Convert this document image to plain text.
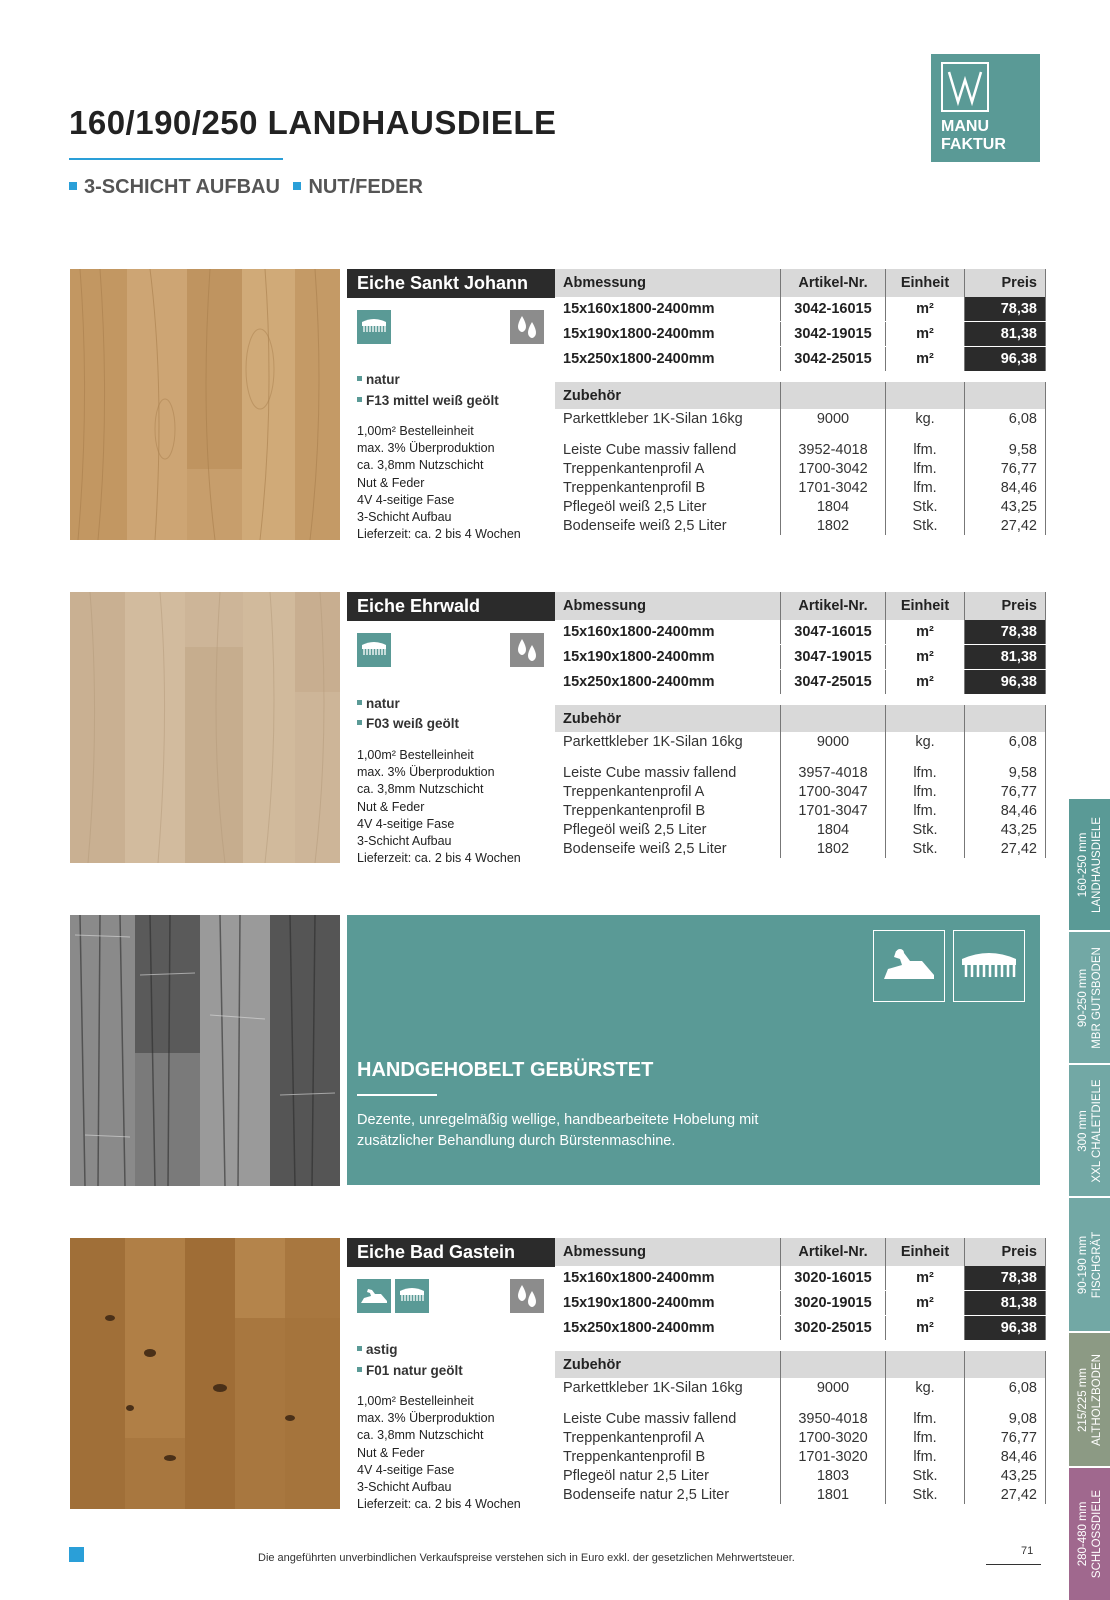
160/190/250 LANDHAUSDIELE
3-SCHICHT AUFBAU NUT/FEDER
MANU
FAKTUR
Eiche Sankt Johann
natur
F13 mittel weiß geölt
1,00m² Bestelleinheit
max. 3% Überproduktion
ca. 3,8mm Nutzschicht
Nut & Feder
4V 4-seitige Fase
3-Schicht Aufbau
Lieferzeit: ca. 2 bis 4 Wochen
Abmessung	Artikel-Nr.	Einheit	Preis
15x160x1800-2400mm	3042-16015	m²	78,38
15x190x1800-2400mm	3042-19015	m²	81,38
15x250x1800-2400mm	3042-25015	m²	96,38

Zubehör			
Parkettkleber 1K-Silan 16kg	9000	kg.	6,08
Leiste Cube massiv fallend	3952-4018	lfm.	9,58
Treppenkantenprofil A	1700-3042	lfm.	76,77
Treppenkantenprofil B	1701-3042	lfm.	84,46
Pflegeöl weiß 2,5 Liter	1804	Stk.	43,25
Bodenseife weiß 2,5 Liter	1802	Stk.	27,42
Eiche Ehrwald
natur
F03 weiß geölt
1,00m² Bestelleinheit
max. 3% Überproduktion
ca. 3,8mm Nutzschicht
Nut & Feder
4V 4-seitige Fase
3-Schicht Aufbau
Lieferzeit: ca. 2 bis 4 Wochen
Abmessung	Artikel-Nr.	Einheit	Preis
15x160x1800-2400mm	3047-16015	m²	78,38
15x190x1800-2400mm	3047-19015	m²	81,38
15x250x1800-2400mm	3047-25015	m²	96,38

Zubehör			
Parkettkleber 1K-Silan 16kg	9000	kg.	6,08
Leiste Cube massiv fallend	3957-4018	lfm.	9,58
Treppenkantenprofil A	1700-3047	lfm.	76,77
Treppenkantenprofil B	1701-3047	lfm.	84,46
Pflegeöl weiß 2,5 Liter	1804	Stk.	43,25
Bodenseife weiß 2,5 Liter	1802	Stk.	27,42
HANDGEHOBELT GEBÜRSTET
Dezente, unregelmäßig wellige, handbearbeitete Hobelung mit
zusätzlicher Behandlung durch Bürstenmaschine.
Eiche Bad Gastein
astig
F01 natur geölt
1,00m² Bestelleinheit
max. 3% Überproduktion
ca. 3,8mm Nutzschicht
Nut & Feder
4V 4-seitige Fase
3-Schicht Aufbau
Lieferzeit: ca. 2 bis 4 Wochen
Abmessung	Artikel-Nr.	Einheit	Preis
15x160x1800-2400mm	3020-16015	m²	78,38
15x190x1800-2400mm	3020-19015	m²	81,38
15x250x1800-2400mm	3020-25015	m²	96,38

Zubehör			
Parkettkleber 1K-Silan 16kg	9000	kg.	6,08
Leiste Cube massiv fallend	3950-4018	lfm.	9,08
Treppenkantenprofil A	1700-3020	lfm.	76,77
Treppenkantenprofil B	1701-3020	lfm.	84,46
Pflegeöl natur 2,5 Liter	1803	Stk.	43,25
Bodenseife natur 2,5 Liter	1801	Stk.	27,42
160-250 mm LANDHAUSDIELE
90-250 mm MBR GUTSBODEN
300 mm XXL CHALETDIELE
90-190 mm FISCHGRÄT
215/225 mm ALTHOLZBODEN
280-480 mm SCHLOSSDIELE
Die angeführten unverbindlichen Verkaufspreise verstehen sich in Euro exkl. der gesetzlichen Mehrwertsteuer.
71
